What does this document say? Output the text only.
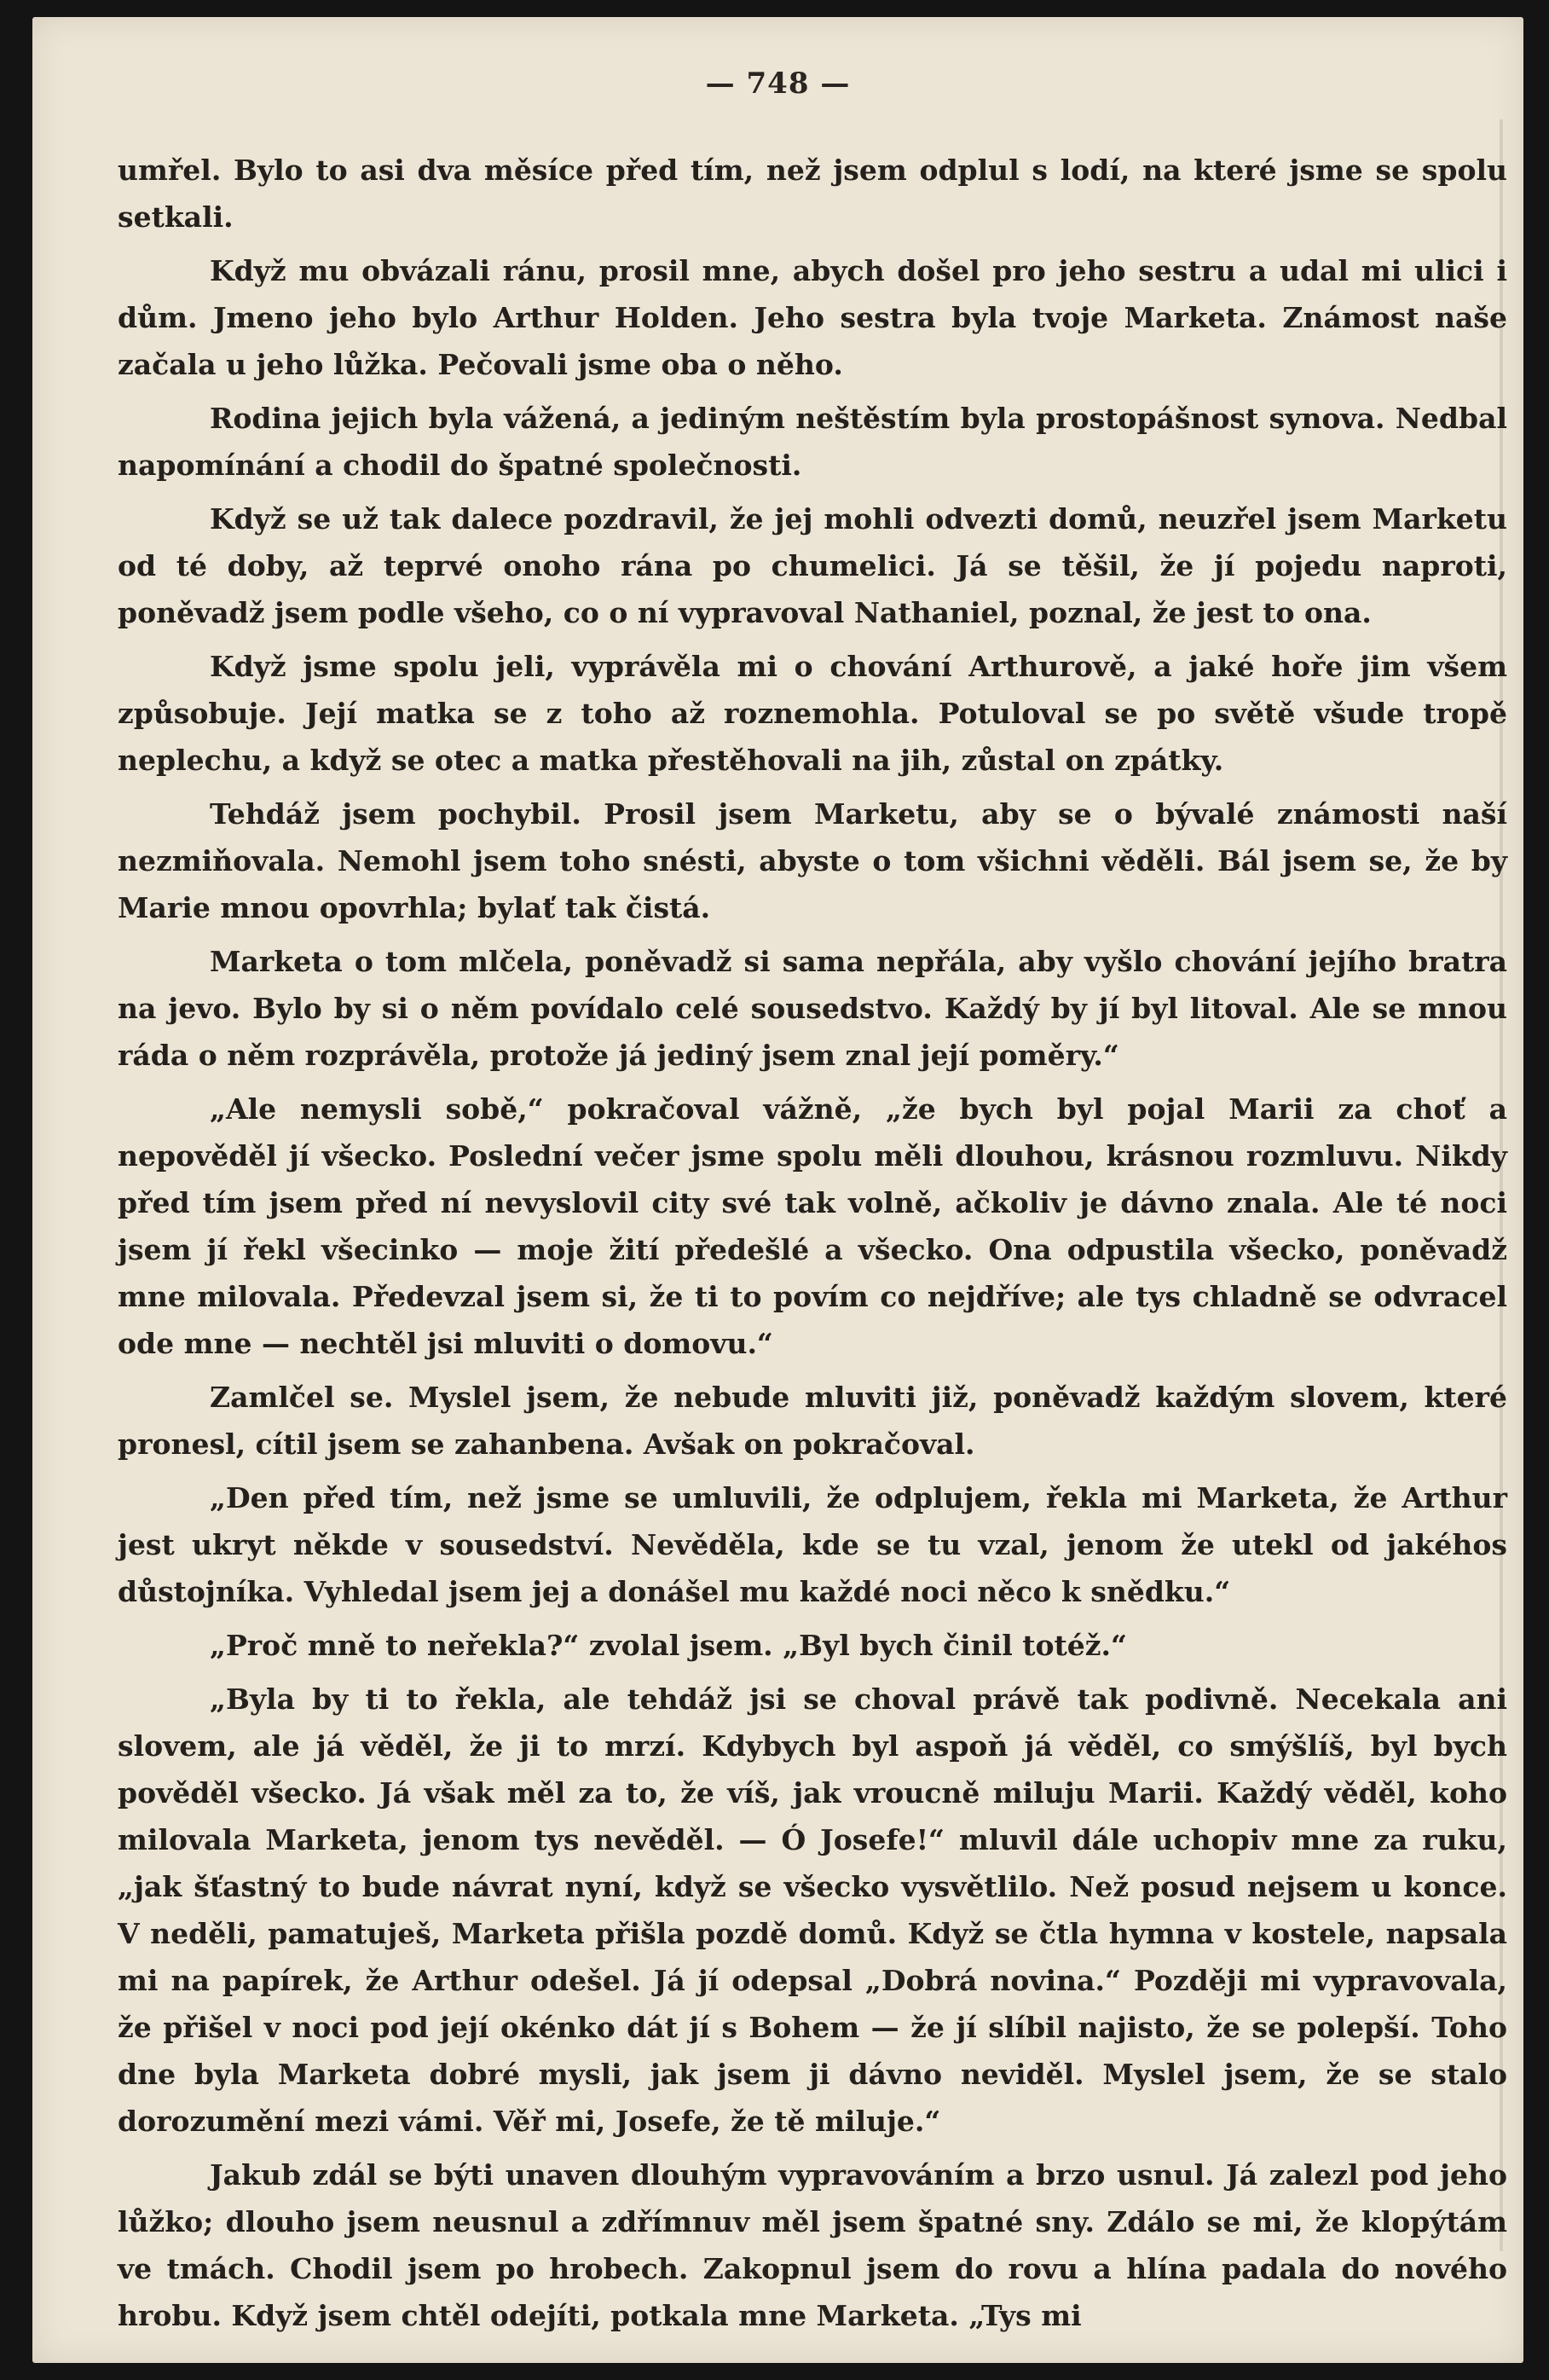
— 748 —

umřel. Bylo to asi dva měsíce před tím, než jsem odplul s lodí, na které jsme se spolu setkali.

Když mu obvázali ránu, prosil mne, abych došel pro jeho sestru a udal mi ulici i dům. Jmeno jeho bylo Arthur Holden. Jeho sestra byla tvoje Marketa. Známost naše začala u jeho lůžka. Pečovali jsme oba o něho.

Rodina jejich byla vážená, a jediným neštěstím byla prostopášnost synova. Nedbal napomínání a chodil do špatné společnosti.

Když se už tak dalece pozdravil, že jej mohli odvezti domů, neuzřel jsem Marketu od té doby, až teprvé onoho rána po chumelici. Já se těšil, že jí pojedu naproti, poněvadž jsem podle všeho, co o ní vypravoval Nathaniel, poznal, že jest to ona.

Když jsme spolu jeli, vyprávěla mi o chování Arthurově, a jaké hoře jim všem způsobuje. Její matka se z toho až roznemohla. Potuloval se po světě všude tropě neplechu, a když se otec a matka přestěhovali na jih, zůstal on zpátky.

Tehdáž jsem pochybil. Prosil jsem Marketu, aby se o bývalé známosti naší nezmiňovala. Nemohl jsem toho snésti, abyste o tom všichni věděli. Bál jsem se, že by Marie mnou opovrhla; bylať tak čistá.

Marketa o tom mlčela, poněvadž si sama nepřála, aby vyšlo chování jejího bratra na jevo. Bylo by si o něm povídalo celé sousedstvo. Každý by jí byl litoval. Ale se mnou ráda o něm rozprávěla, protože já jediný jsem znal její poměry.“

„Ale nemysli sobě,“ pokračoval vážně, „že bych byl pojal Marii za choť a nepověděl jí všecko. Poslední večer jsme spolu měli dlouhou, krásnou rozmluvu. Nikdy před tím jsem před ní nevyslovil city své tak volně, ačkoliv je dávno znala. Ale té noci jsem jí řekl všecinko — moje žití předešlé a všecko. Ona odpustila všecko, poněvadž mne milovala. Předevzal jsem si, že ti to povím co nejdříve; ale tys chladně se odvracel ode mne — nechtěl jsi mluviti o domovu.“

Zamlčel se. Myslel jsem, že nebude mluviti již, poněvadž každým slovem, které pronesl, cítil jsem se zahanbena. Avšak on pokračoval.

„Den před tím, než jsme se umluvili, že odplujem, řekla mi Marketa, že Arthur jest ukryt někde v sousedství. Nevěděla, kde se tu vzal, jenom že utekl od jakéhos důstojníka. Vyhledal jsem jej a donášel mu každé noci něco k snědku.“

„Proč mně to neřekla?“ zvolal jsem. „Byl bych činil totéž.“

„Byla by ti to řekla, ale tehdáž jsi se choval právě tak podivně. Necekala ani slovem, ale já věděl, že ji to mrzí. Kdybych byl aspoň já věděl, co smýšlíš, byl bych pověděl všecko. Já však měl za to, že víš, jak vroucně miluju Marii. Každý věděl, koho milovala Marketa, jenom tys nevěděl. — Ó Josefe!“ mluvil dále uchopiv mne za ruku, „jak šťastný to bude návrat nyní, když se všecko vysvětlilo. Než posud nejsem u konce. V neděli, pamatuješ, Marketa přišla pozdě domů. Když se čtla hymna v kostele, napsala mi na papírek, že Arthur odešel. Já jí odepsal „Dobrá novina.“ Později mi vypravovala, že přišel v noci pod její okénko dát jí s Bohem — že jí slíbil najisto, že se polepší. Toho dne byla Marketa dobré mysli, jak jsem ji dávno neviděl. Myslel jsem, že se stalo dorozumění mezi vámi. Věř mi, Josefe, že tě miluje.“

Jakub zdál se býti unaven dlouhým vypravováním a brzo usnul. Já zalezl pod jeho lůžko; dlouho jsem neusnul a zdřímnuv měl jsem špatné sny. Zdálo se mi, že klopýtám ve tmách. Chodil jsem po hrobech. Zakopnul jsem do rovu a hlína padala do nového hrobu. Když jsem chtěl odejíti, potkala mne Marketa. „Tys mi
